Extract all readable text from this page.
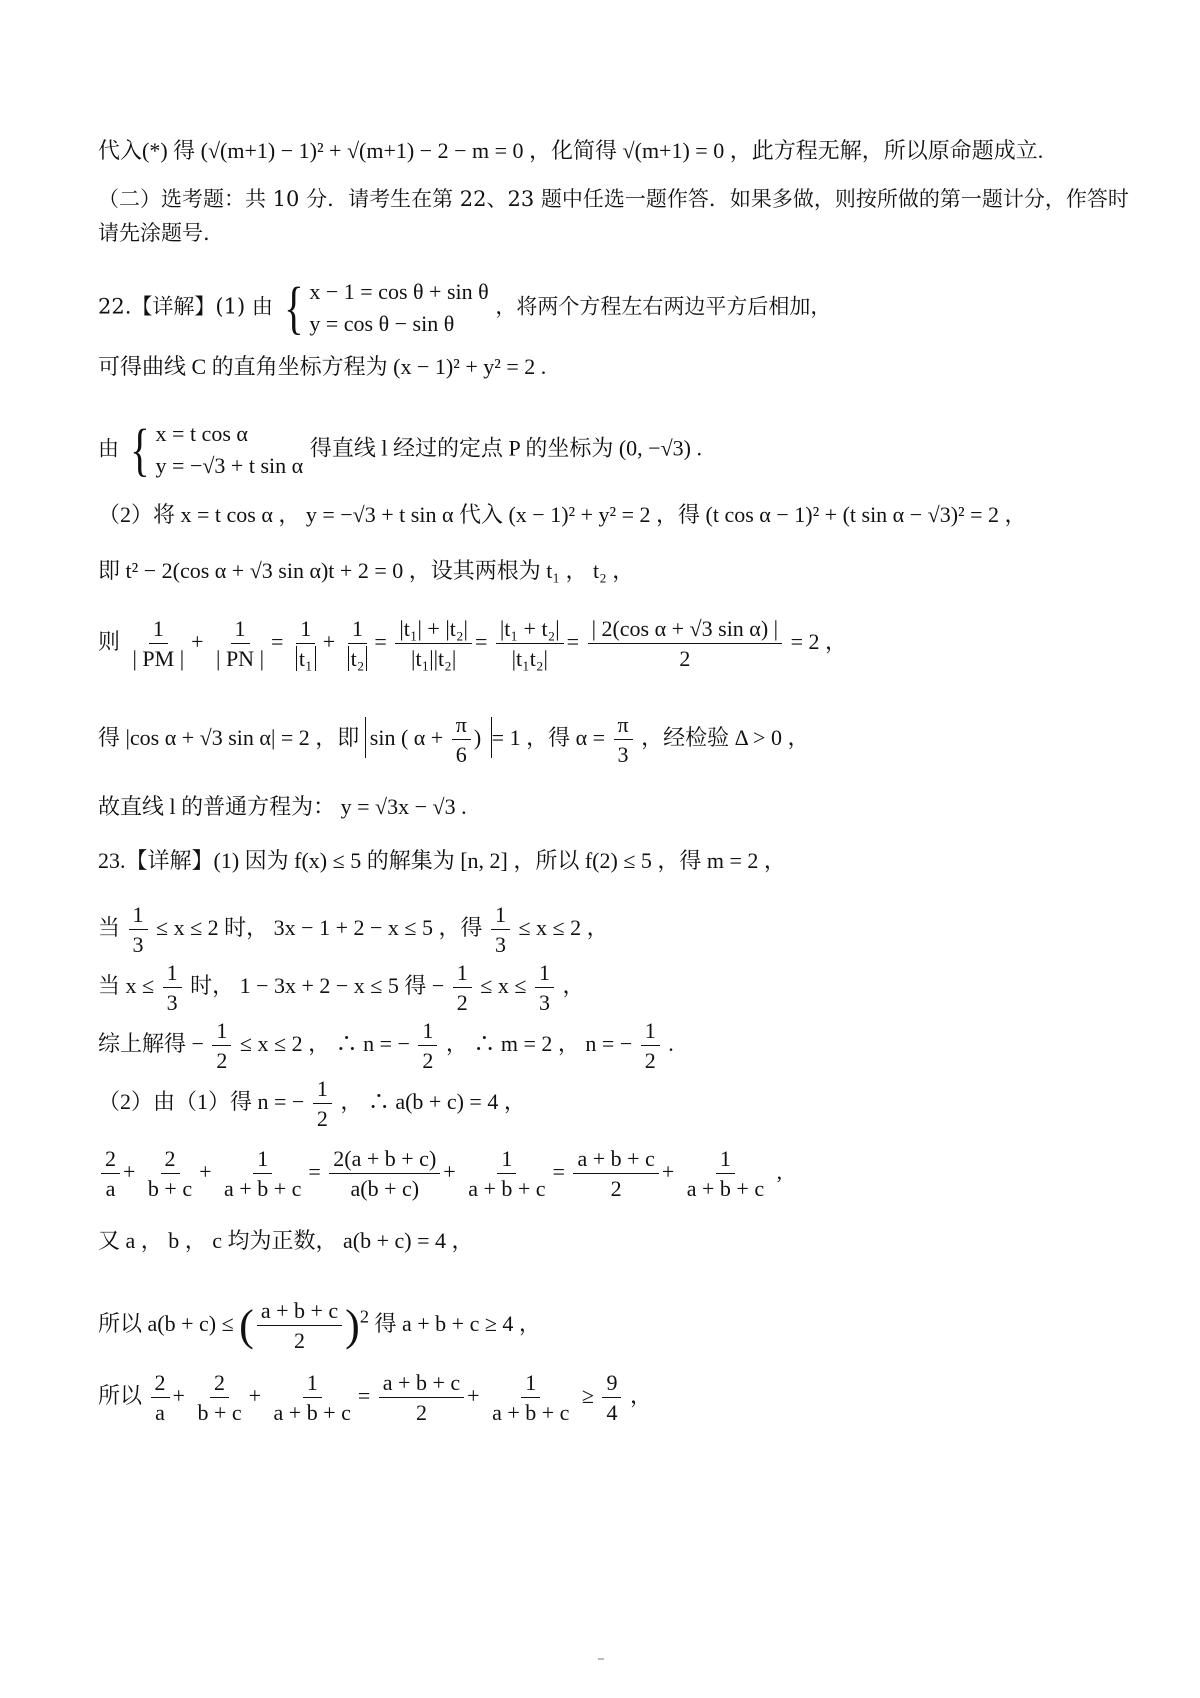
代入(*) 得 (√(m+1) − 1)² + √(m+1) − 2 − m = 0 ，化简得 √(m+1) = 0 ，此方程无解，所以原命题成立.
（二）选考题：共 10 分．请考生在第 22、23 题中任选一题作答．如果多做，则按所做的第一题计分，作答时
请先涂题号.
22.【详解】(1) 由 { x − 1 = cos θ + sin θ
y = cos θ − sin θ
，将两个方程左右两边平方后相加，
可得曲线 C 的直角坐标方程为 (x − 1)² + y² = 2 .
由 { x = t cos α
y = −√3 + t sin α
得直线 l 经过的定点 P 的坐标为 (0, −√3) .
（2）将 x = t cos α ， y = −√3 + t sin α 代入 (x − 1)² + y² = 2 ，得 (t cos α − 1)² + (t sin α − √3)² = 2 ，
即 t² − 2(cos α + √3 sin α)t + 2 = 0 ，设其两根为 t₁ ， t₂ ，
则 $\frac{1}{| PM |} + \frac{1}{| PN |} = \frac{1}{\text{t₁}} + \frac{1}{\text{t₂}} = \frac{\text{|t₁| + |t₂|}}{\text{|t₁||t₂|}} = \frac{\text{|t₁ + t₂|}}{\text{|t₁t₂|}} = \frac{\text{| 2(cos α + √3 sin α) |}}{2} = 2$ ，
得 |cos α + √3 sin α| = 2 ，即 sin ( $\alpha + \frac{\pi}{6}$ ) = 1 ，得 $\alpha = \frac{\pi}{3}$ ，经检验 Δ > 0 ，
故直线 l 的普通方程为： y = √3x − √3 .
23.【详解】(1) 因为 f(x) ≤ 5 的解集为 [n, 2] ，所以 f(2) ≤ 5 ，得 m = 2 ，
当 $\frac{1}{3} \le x \le 2$ 时， 3x − 1 + 2 − x ≤ 5 ，得 $\frac{1}{3} \le x \le 2$ ，
当 $x \le \frac{1}{3}$ 时， 1 − 3x + 2 − x ≤ 5 得 − $\frac{1}{2} \le x \le \frac{1}{3}$ ，
综上解得 − $\frac{1}{2} \le x \le 2$ ， ∴ n = − $\frac{1}{2}$ ， ∴ m = 2 ， n = − $\frac{1}{2}$ .
（2）由（1）得 n = − $\frac{1}{2}$ ， ∴ a(b + c) = 4 ，
$\frac{2}{a} + \frac{2}{b + c} + \frac{1}{a + b + c} = \frac{2(a + b + c)}{a(b + c)} + \frac{1}{a + b + c} = \frac{a + b + c}{2} + \frac{1}{a + b + c}$ ,
又 a ， b ， c 均为正数， a(b + c) = 4 ，
所以 a(b + c) ≤ ( $\frac{a + b + c}{2} )^2$ 得 a + b + c ≥ 4 ，
所以 $\frac{2}{a} + \frac{2}{b + c} + \frac{1}{a + b + c} = \frac{a + b + c}{2} + \frac{1}{a + b + c} \ge \frac{9}{4}$ ，
